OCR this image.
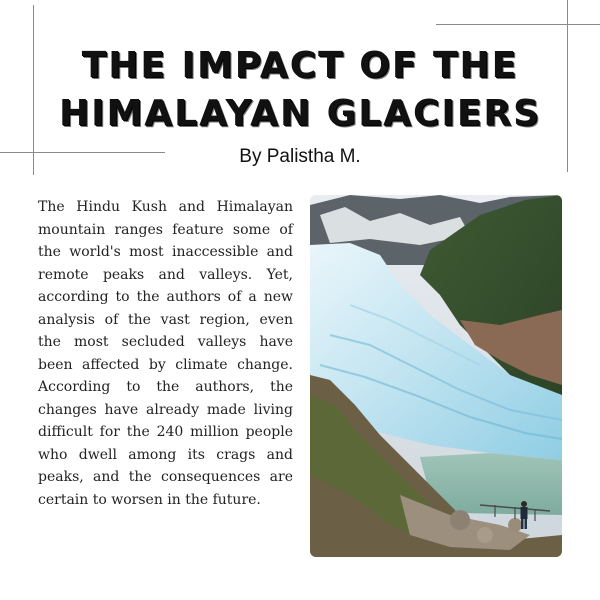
THE IMPACT OF THE
HIMALAYAN GLACIERS
By Palistha M.

The Hindu Kush and Himalayan mountain ranges feature some of the world's most inaccessible and remote peaks and valleys. Yet, according to the authors of a new analysis of the vast region, even the most secluded valleys have been affected by climate change. According to the authors, the changes have already made living difficult for the 240 million people who dwell among its crags and peaks, and the consequences are certain to worsen in the future.
